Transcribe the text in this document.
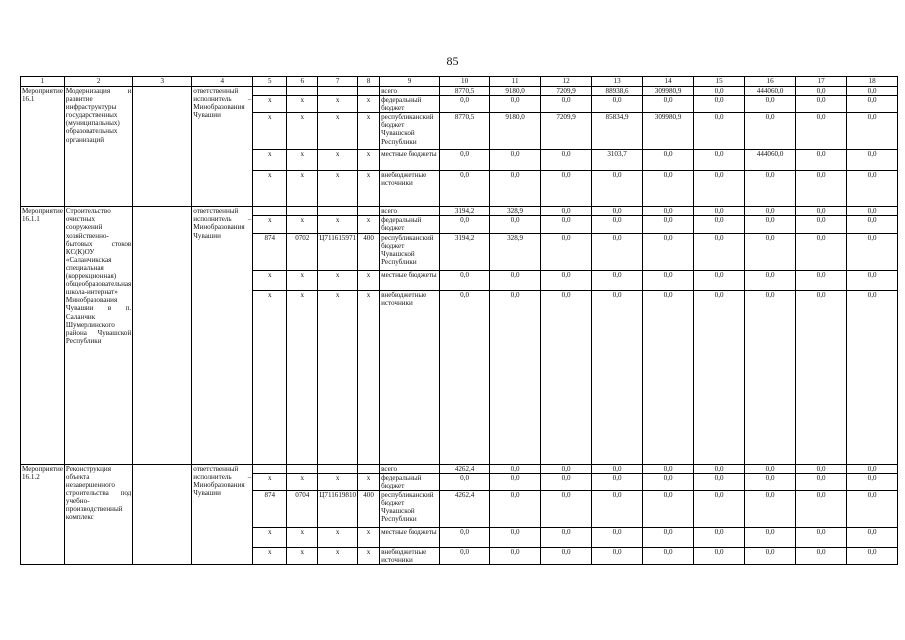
85
1	2	3	4	5	6	7	8	9	10	11	12	13	14	15	16	17	18
Мероприятие 16.1	Модернизация и развитие инфраструктуры государственных (муниципальных) образовательных организаций		ответственный исполнитель – Минобразования Чувашии					всего	8770,5	9180,0	7209,9	88938,6	309980,9	0,0	444060,0	0,0	0,0
				х	х	х	х	федеральный бюджет	0,0	0,0	0,0	0,0	0,0	0,0	0,0	0,0	0,0
				х	х	х	х	республиканский бюджет Чувашской Республики	8770,5	9180,0	7209,9	85834,9	309980,9	0,0	0,0	0,0	0,0
				х	х	х	х	местные бюджеты	0,0	0,0	0,0	3103,7	0,0	0,0	444060,0	0,0	0,0
				х	х	х	х	внебюджетные источники	0,0	0,0	0,0	0,0	0,0	0,0	0,0	0,0	0,0
Мероприятие 16.1.1	Строительство очистных сооружений хозяйственно-бытовых стоков КС(К)ОУ «Саланчикская специальная (коррекционная) общеобразовательная школа-интернат» Минобразования Чувашии в п. Саланчик Шумерлинского района Чувашской Республики		ответственный исполнитель – Минобразования Чувашии					всего	3194,2	328,9	0,0	0,0	0,0	0,0	0,0	0,0	0,0
				х	х	х	х	федеральный бюджет	0,0	0,0	0,0	0,0	0,0	0,0	0,0	0,0	0,0
				874	0702	Ц711615971	400	республиканский бюджет Чувашской Республики	3194,2	328,9	0,0	0,0	0,0	0,0	0,0	0,0	0,0
				х	х	х	х	местные бюджеты	0,0	0,0	0,0	0,0	0,0	0,0	0,0	0,0	0,0
				х	х	х	х	внебюджетные источники	0,0	0,0	0,0	0,0	0,0	0,0	0,0	0,0	0,0
Мероприятие 16.1.2	Реконструкция объекта незавершенного строительства под учебно-производственный комплекс		ответственный исполнитель – Минобразования Чувашии					всего	4262,4	0,0	0,0	0,0	0,0	0,0	0,0	0,0	0,0
				х	х	х	х	федеральный бюджет	0,0	0,0	0,0	0,0	0,0	0,0	0,0	0,0	0,0
				874	0704	Ц711619810	400	республиканский бюджет Чувашской Республики	4262,4	0,0	0,0	0,0	0,0	0,0	0,0	0,0	0,0
				х	х	х	х	местные бюджеты	0,0	0,0	0,0	0,0	0,0	0,0	0,0	0,0	0,0
				х	х	х	х	внебюджетные источники	0,0	0,0	0,0	0,0	0,0	0,0	0,0	0,0	0,0
